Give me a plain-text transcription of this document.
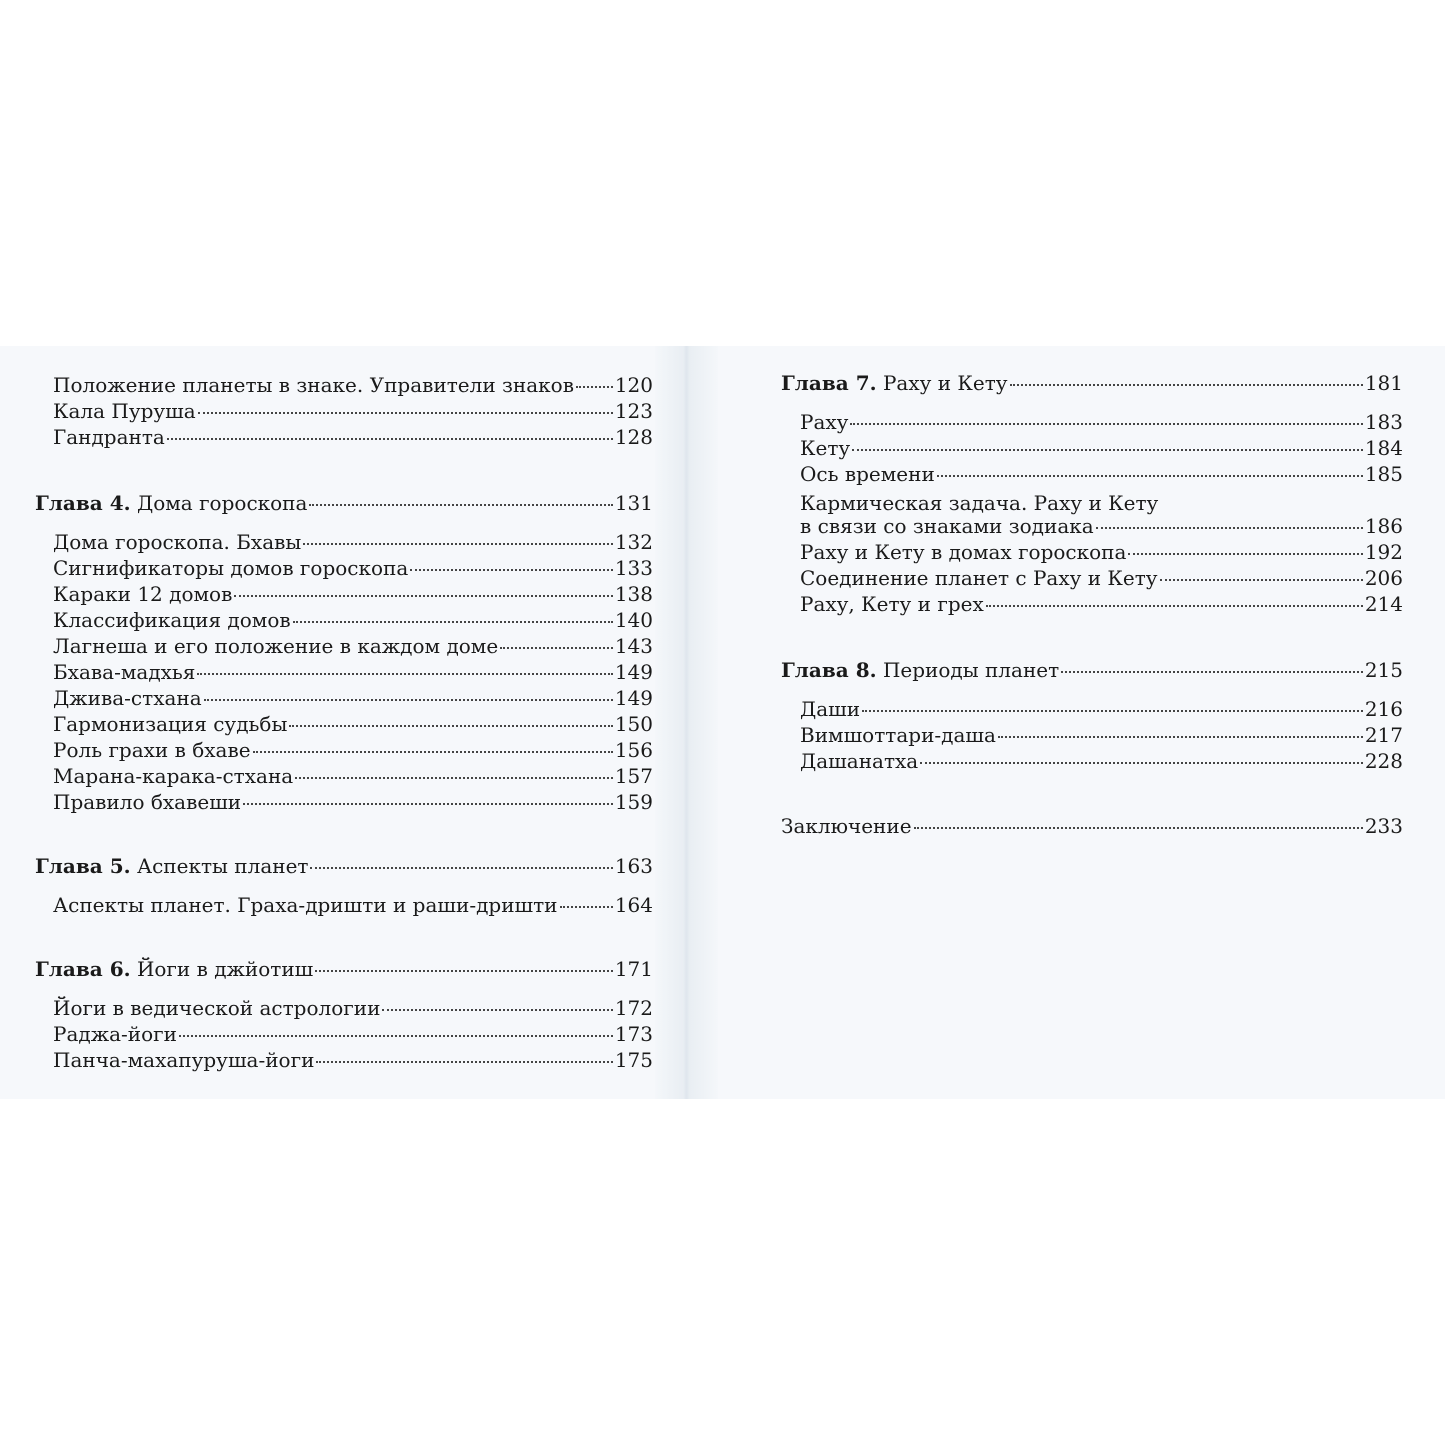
Положение планеты в знаке. Управители знаков 120
Кала Пуруша	123
Гандранта	128
Глава 4. Дома гороскопа	131
Дома гороскопа. Бхавы	132
Сигнификаторы домов гороскопа	133
Караки 12 домов	138
Классификация домов	140
Лагнеша и его положение в каждом доме	143
Бхава-мадхья	149
Джива-стхана	149
Гармонизация судьбы	150
Роль грахи в бхаве	156
Марана-карака-стхана	157
Правило бхавеши	159
Глава 5. Аспекты планет	163
Аспекты планет. Граха-дришти и раши-дришти	164
Глава 6. Йоги в джйотиш	171
Йоги в ведической астрологии	172
Раджа-йоги	173
Панча-махапуруша-йоги	175
Глава 7. Раху и Кету	181
Раху	183
Кету	184
Ось времени	185
Кармическая задача. Раху и Кету
в связи со знаками зодиака	186
Раху и Кету в домах гороскопа	192
Соединение планет с Раху и Кету	206
Раху, Кету и грех	214
Глава 8. Периоды планет	215
Даши	216
Вимшоттари-даша	217
Дашанатха	228
Заключение	233
